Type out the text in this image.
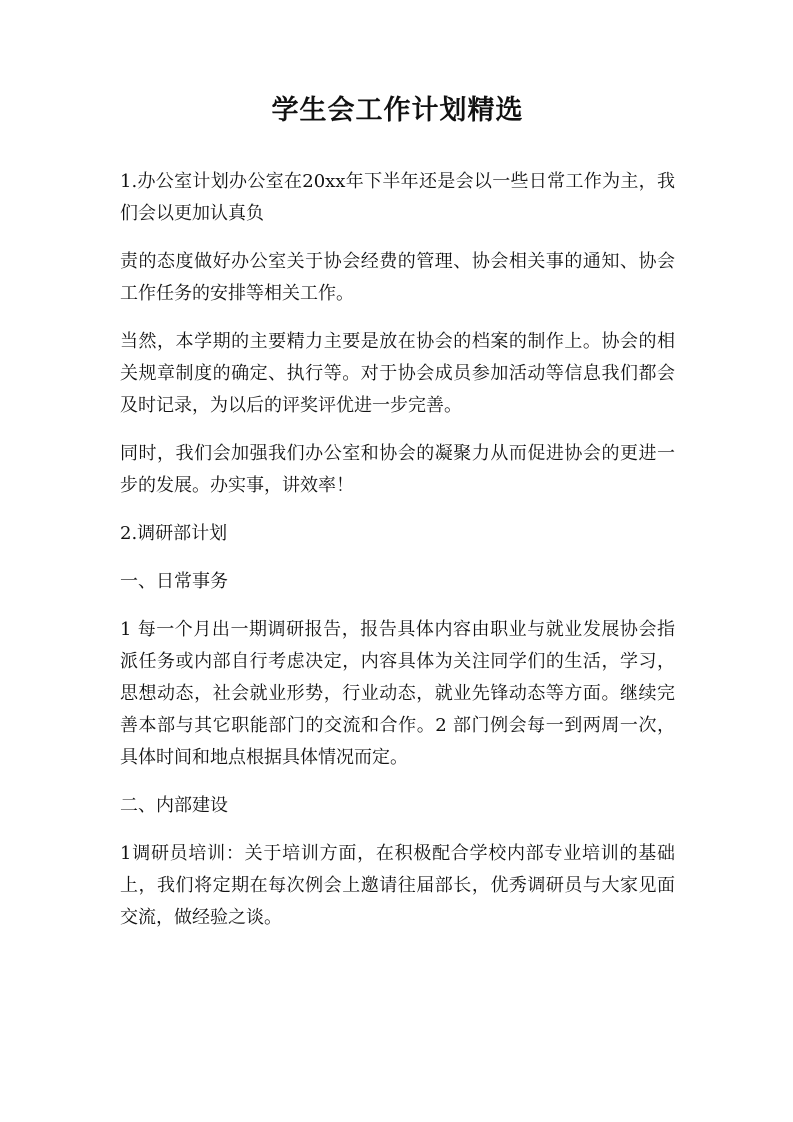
学生会工作计划精选

1.办公室计划办公室在20xx年下半年还是会以一些日常工作为主，我们会以更加认真负

责的态度做好办公室关于协会经费的管理、协会相关事的通知、协会工作任务的安排等相关工作。

当然，本学期的主要精力主要是放在协会的档案的制作上。协会的相关规章制度的确定、执行等。对于协会成员参加活动等信息我们都会及时记录，为以后的评奖评优进一步完善。

同时，我们会加强我们办公室和协会的凝聚力从而促进协会的更进一步的发展。办实事，讲效率！

2.调研部计划

一、日常事务

1 每一个月出一期调研报告，报告具体内容由职业与就业发展协会指派任务或内部自行考虑决定，内容具体为关注同学们的生活，学习，思想动态，社会就业形势，行业动态，就业先锋动态等方面。继续完善本部与其它职能部门的交流和合作。2 部门例会每一到两周一次，具体时间和地点根据具体情况而定。

二、内部建设

1调研员培训：关于培训方面，在积极配合学校内部专业培训的基础上，我们将定期在每次例会上邀请往届部长，优秀调研员与大家见面交流，做经验之谈。
